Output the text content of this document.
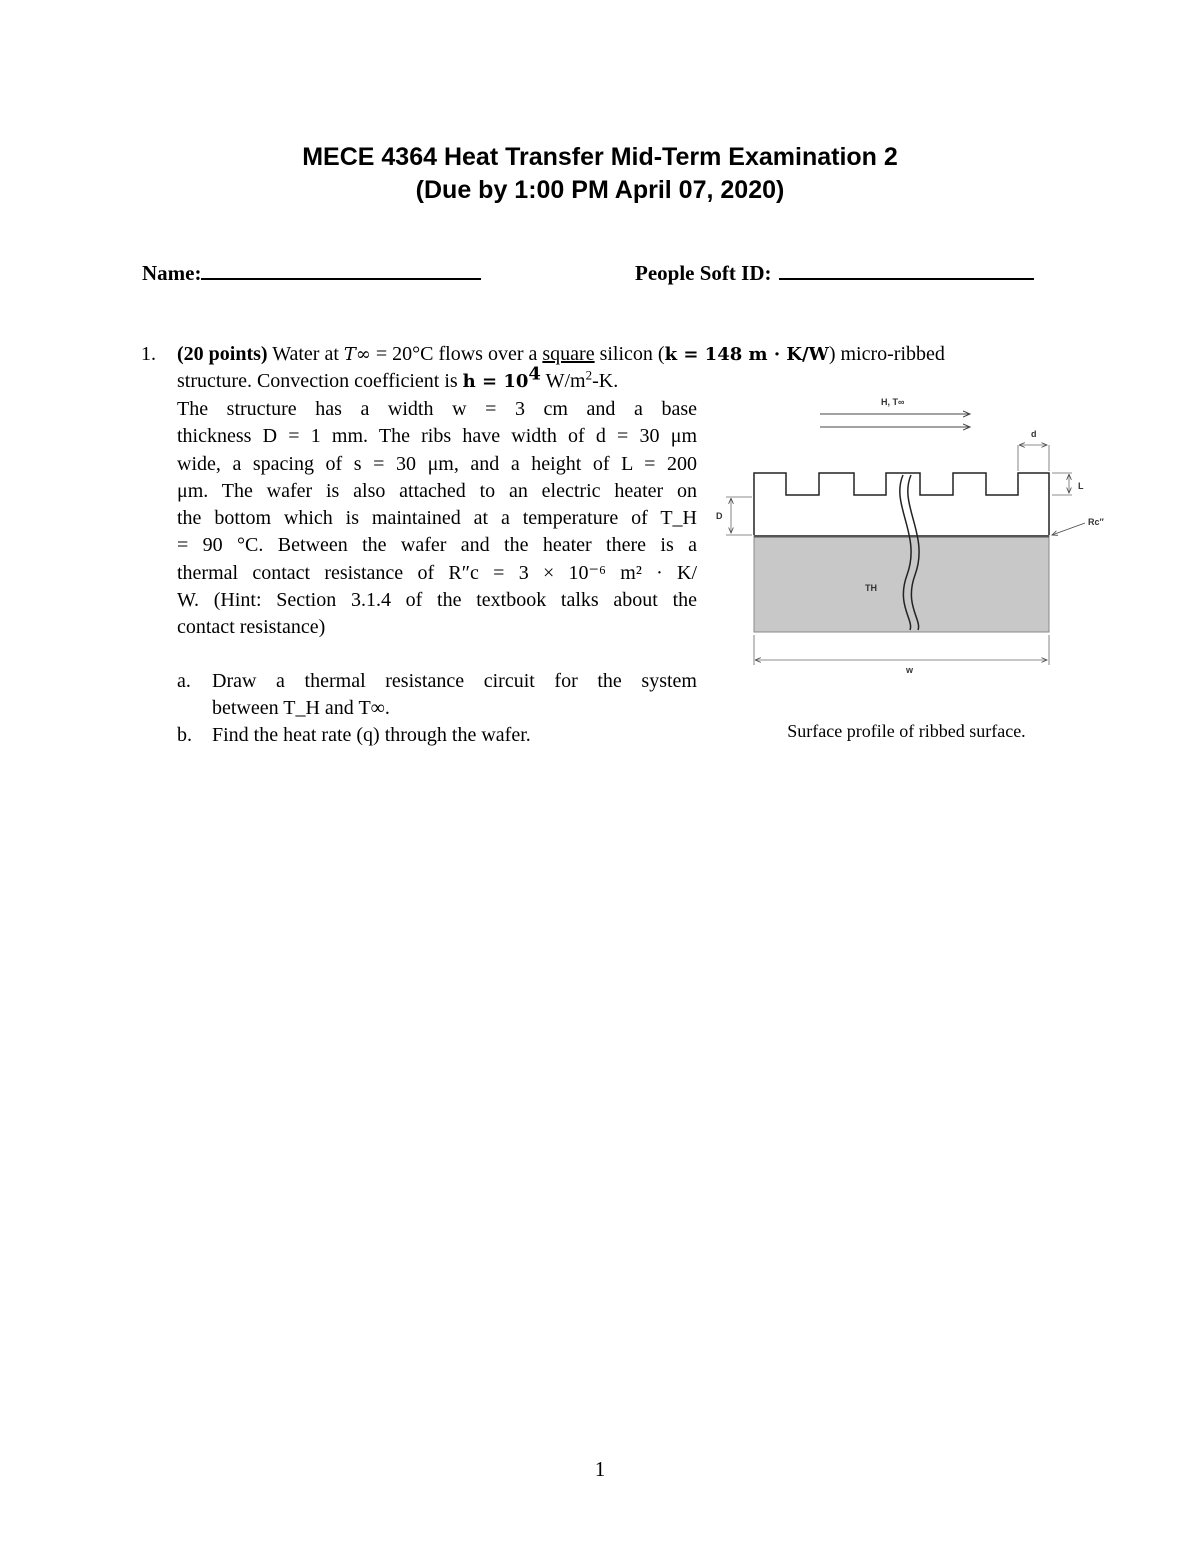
MECE 4364 Heat Transfer Mid-Term Examination 2
(Due by 1:00 PM April 07, 2020)
Name:	People Soft ID:
1. (20 points) Water at T∞ = 20°C flows over a square silicon (k = 148 m · K/W) micro-ribbed
structure. Convection coefficient is $h = 10^4$ $W/m^2-K$.
The structure has a width w = 3 cm and a base
thickness D = 1 mm. The ribs have width of d = 30 μm
wide, a spacing of s = 30 μm, and a height of L = 200
μm. The wafer is also attached to an electric heater on
the bottom which is maintained at a temperature of T_H
= 90 °C. Between the wafer and the heater there is a
thermal contact resistance of R″c = 3 × 10⁻⁶ m² · K/
W. (Hint: Section 3.1.4 of the textbook talks about the
contact resistance)
a. Draw a thermal resistance circuit for the system
between T_H and T∞.
b. Find the heat rate (q) through the wafer.
H, T∞
d
L
D
Rc″
TH
w
Surface profile of ribbed surface.
1
